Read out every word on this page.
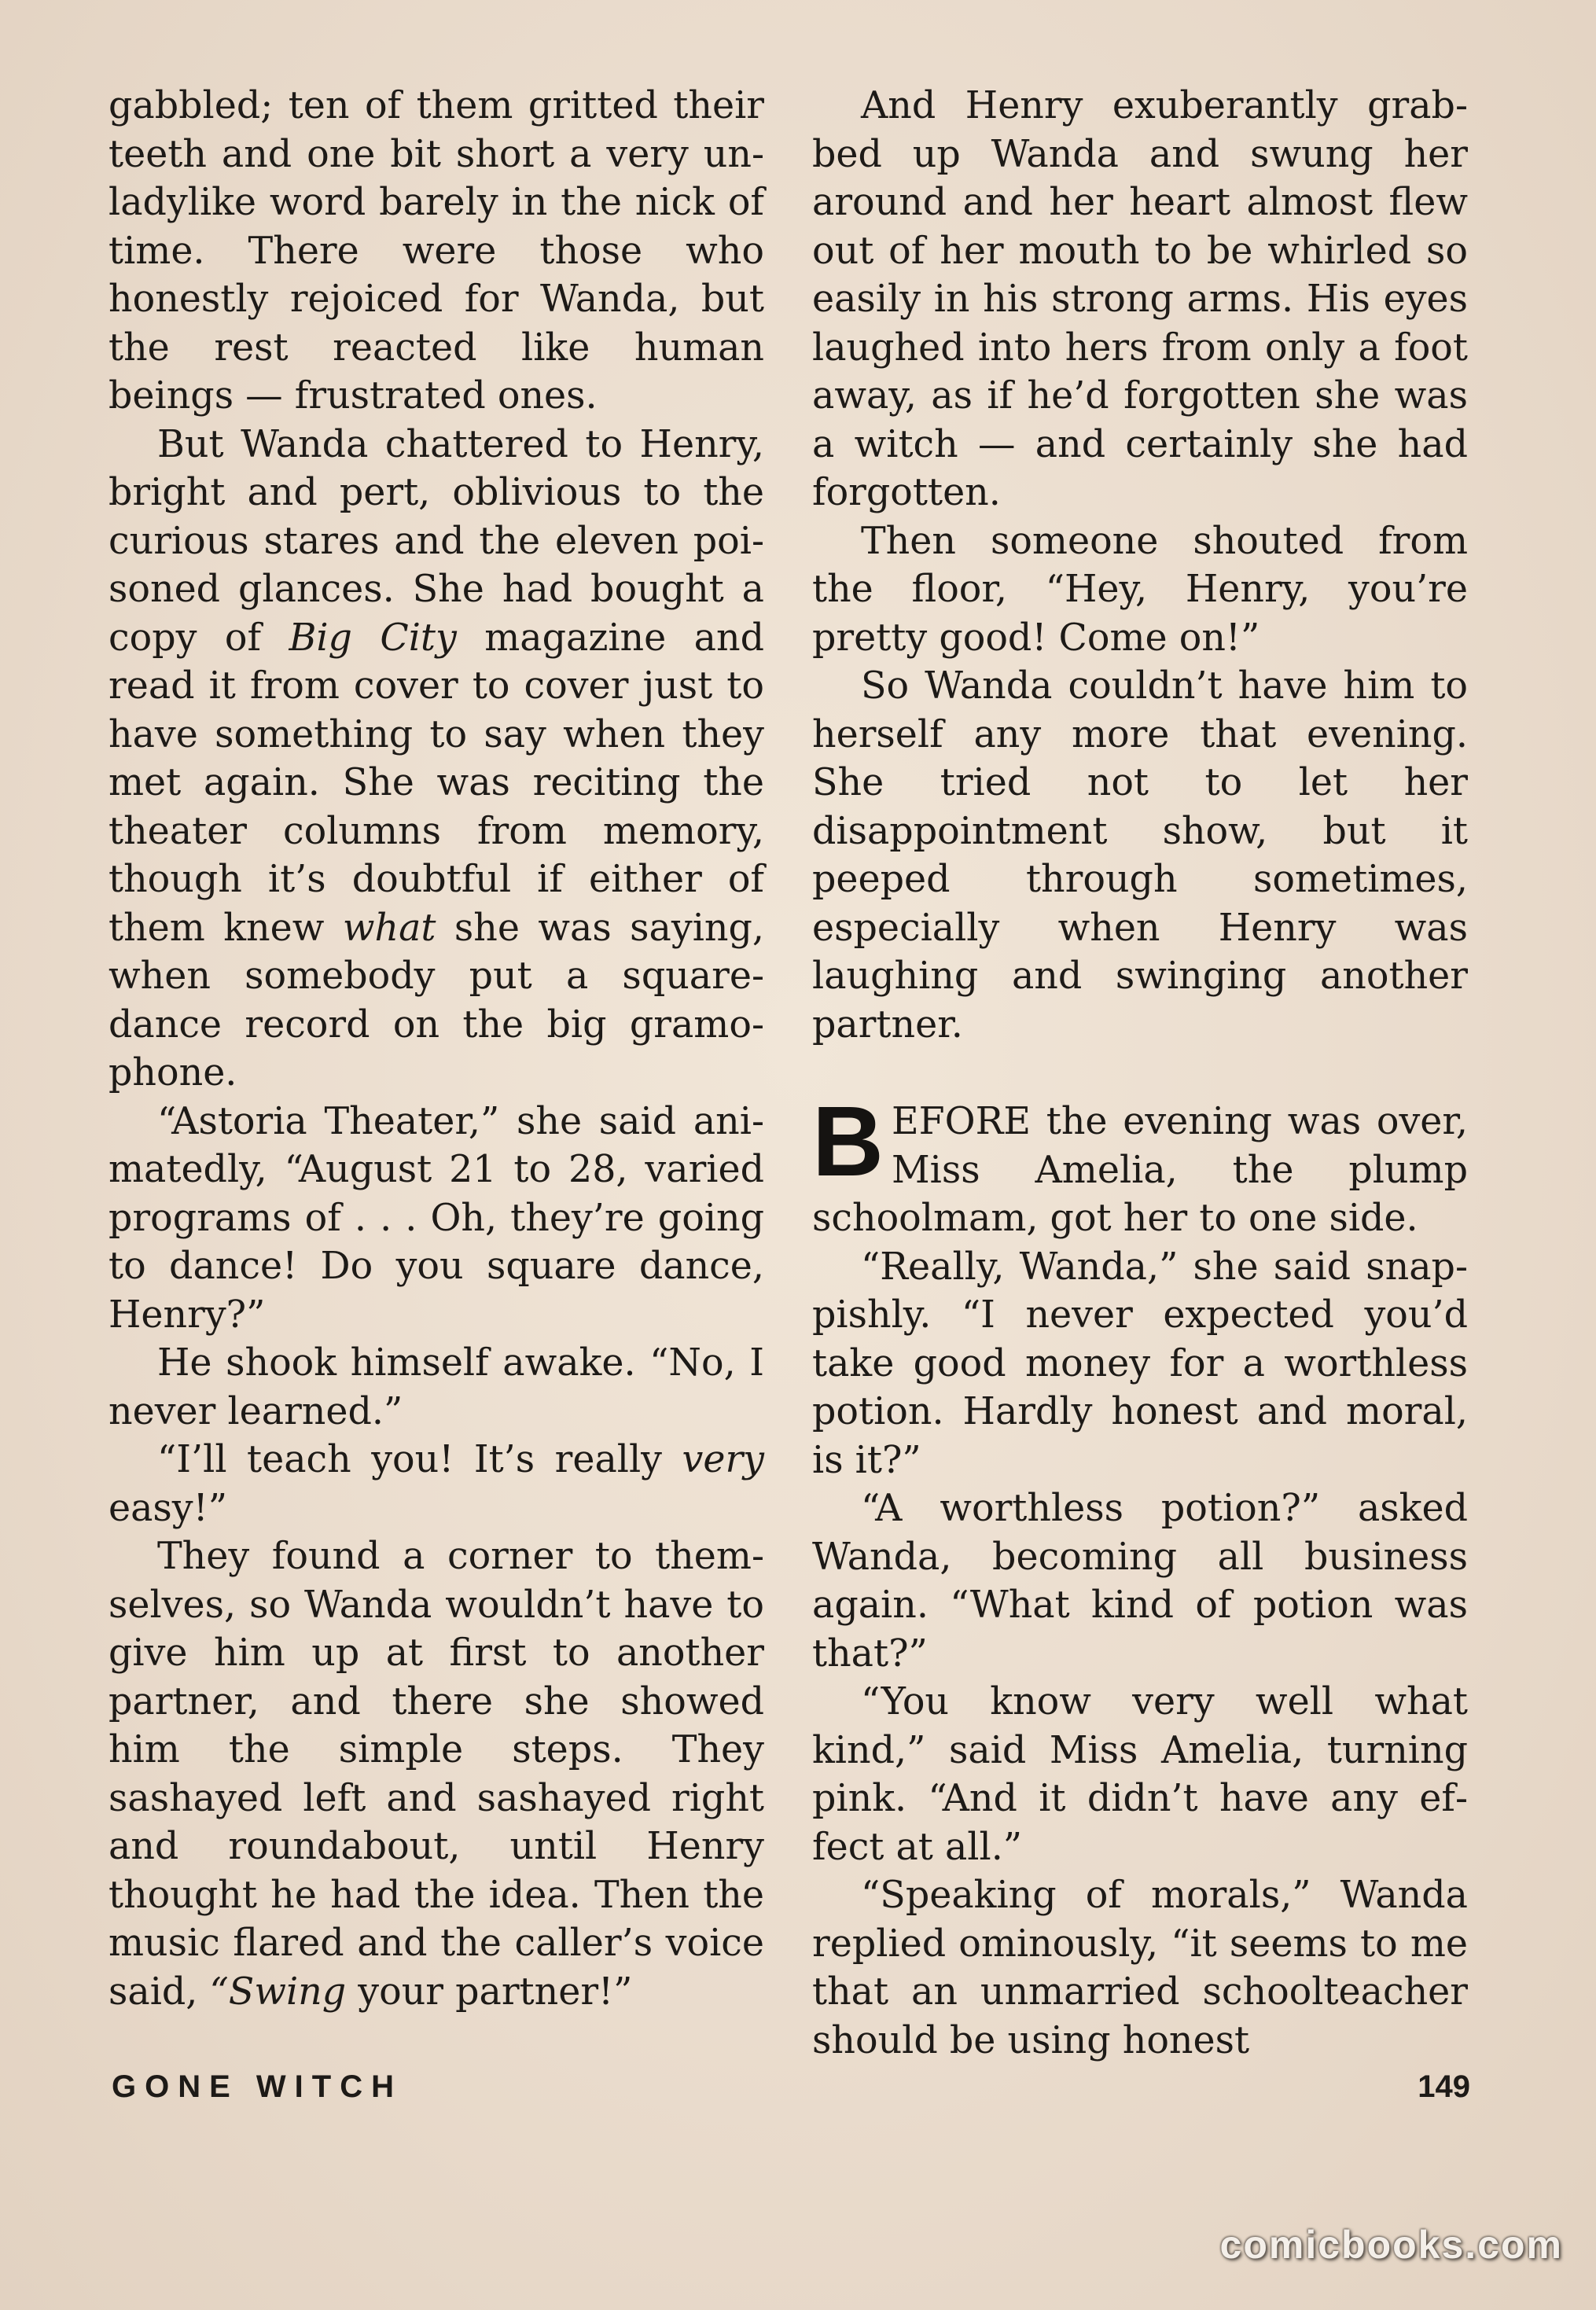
gabbled; ten of them gritted their teeth and one bit short a very unladylike word barely in the nick of time. There were those who honestly rejoiced for Wanda, but the rest reacted like human beings — frustrated ones.

But Wanda chattered to Henry, bright and pert, oblivious to the curious stares and the eleven poisoned glances. She had bought a copy of Big City magazine and read it from cover to cover just to have something to say when they met again. She was reciting the theater columns from memory, though it’s doubtful if either of them knew what she was saying, when somebody put a square-dance record on the big gramophone.

“Astoria Theater,” she said animatedly, “August 21 to 28, varied programs of . . . Oh, they’re going to dance! Do you square dance, Henry?”

He shook himself awake. “No, I never learned.”

“I’ll teach you! It’s really very easy!”

They found a corner to themselves, so Wanda wouldn’t have to give him up at first to another partner, and there she showed him the simple steps. They sashayed left and sashayed right and roundabout, until Henry thought he had the idea. Then the music flared and the caller’s voice said, “Swing your partner!”

And Henry exuberantly grabbed up Wanda and swung her around and her heart almost flew out of her mouth to be whirled so easily in his strong arms. His eyes laughed into hers from only a foot away, as if he’d forgotten she was a witch — and certainly she had forgotten.

Then someone shouted from the floor, “Hey, Henry, you’re pretty good! Come on!”

So Wanda couldn’t have him to herself any more that evening. She tried not to let her disappointment show, but it peeped through sometimes, especially when Henry was laughing and swinging another partner.

BEFORE the evening was over, Miss Amelia, the plump schoolmam, got her to one side.

“Really, Wanda,” she said snappishly. “I never expected you’d take good money for a worthless potion. Hardly honest and moral, is it?”

“A worthless potion?” asked Wanda, becoming all business again. “What kind of potion was that?”

“You know very well what kind,” said Miss Amelia, turning pink. “And it didn’t have any effect at all.”

“Speaking of morals,” Wanda replied ominously, “it seems to me that an unmarried schoolteacher should be using honest

GONE WITCH	149
comicbooks.com
